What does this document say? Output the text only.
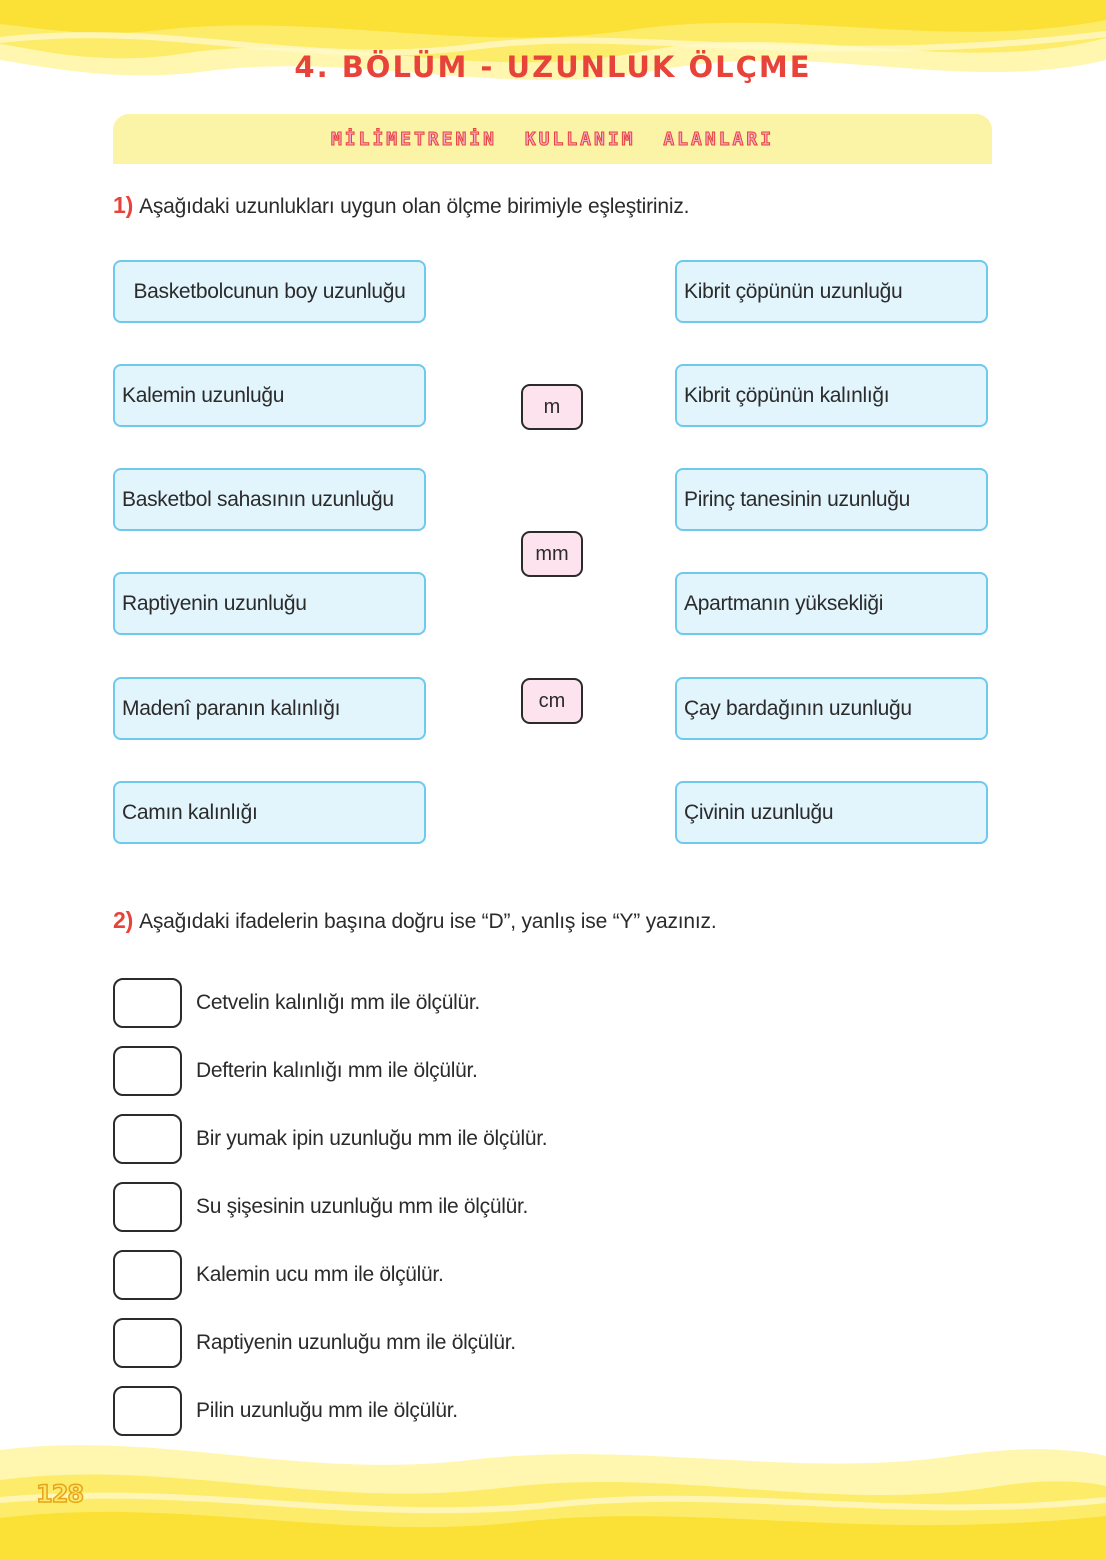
4. BÖLÜM - UZUNLUK ÖLÇME
MİLİMETRENİN KULLANIM ALANLARI
1) Aşağıdaki uzunlukları uygun olan ölçme birimiyle eşleştiriniz.
Basketbolcunun boy uzunluğu
Kalemin uzunluğu
Basketbol sahasının uzunluğu
Raptiyenin uzunluğu
Madenî paranın kalınlığı
Camın kalınlığı
m
mm
cm
Kibrit çöpünün uzunluğu
Kibrit çöpünün kalınlığı
Pirinç tanesinin uzunluğu
Apartmanın yüksekliği
Çay bardağının uzunluğu
Çivinin uzunluğu
2) Aşağıdaki ifadelerin başına doğru ise “D”, yanlış ise “Y” yazınız.
Cetvelin kalınlığı mm ile ölçülür.
Defterin kalınlığı mm ile ölçülür.
Bir yumak ipin uzunluğu mm ile ölçülür.
Su şişesinin uzunluğu mm ile ölçülür.
Kalemin ucu mm ile ölçülür.
Raptiyenin uzunluğu mm ile ölçülür.
Pilin uzunluğu mm ile ölçülür.
128
